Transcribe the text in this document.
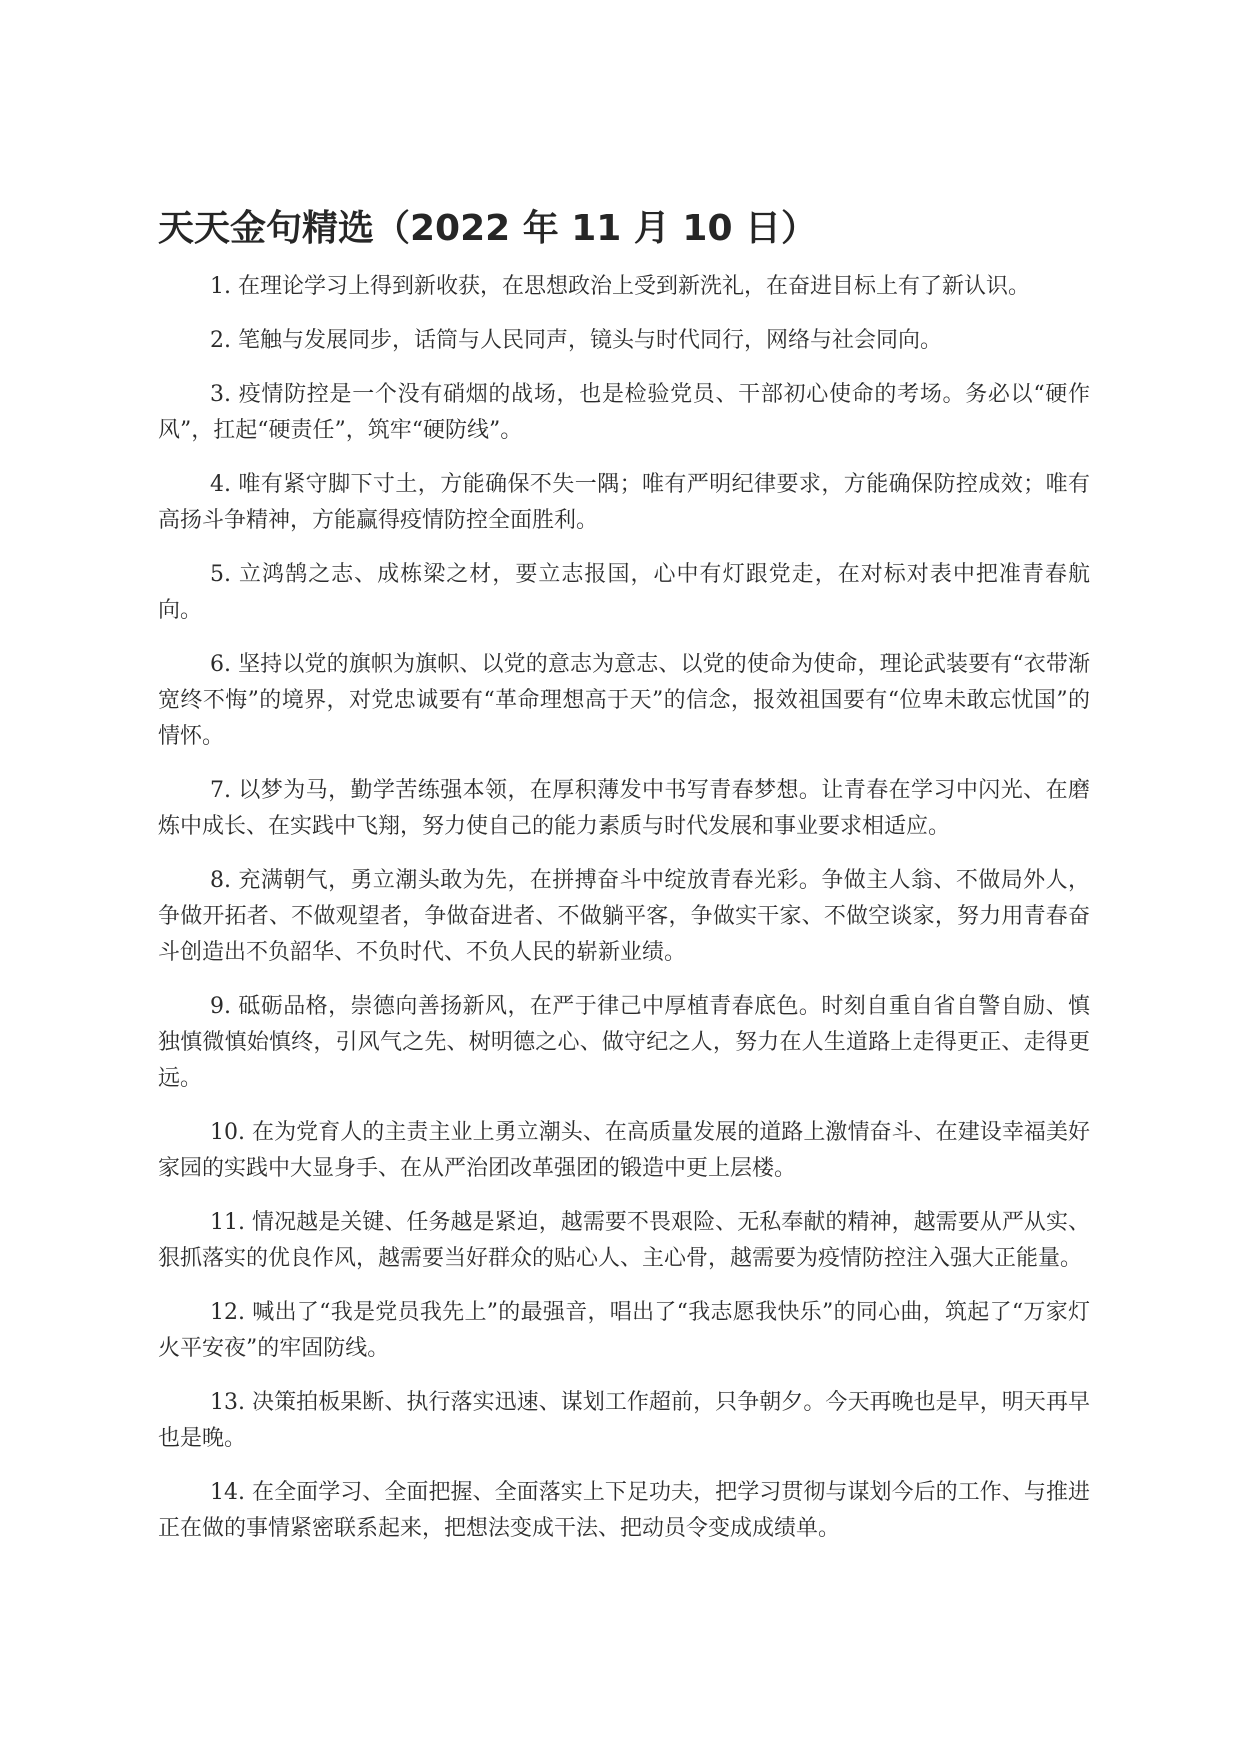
天天金句精选（2022 年 11 月 10 日）

1. 在理论学习上得到新收获，在思想政治上受到新洗礼，在奋进目标上有了新认识。

2. 笔触与发展同步，话筒与人民同声，镜头与时代同行，网络与社会同向。

3. 疫情防控是一个没有硝烟的战场，也是检验党员、干部初心使命的考场。务必以“硬作风”，扛起“硬责任”，筑牢“硬防线”。

4. 唯有紧守脚下寸土，方能确保不失一隅；唯有严明纪律要求，方能确保防控成效；唯有高扬斗争精神，方能赢得疫情防控全面胜利。

5. 立鸿鹄之志、成栋梁之材，要立志报国，心中有灯跟党走，在对标对表中把准青春航向。

6. 坚持以党的旗帜为旗帜、以党的意志为意志、以党的使命为使命，理论武装要有“衣带渐宽终不悔”的境界，对党忠诚要有“革命理想高于天”的信念，报效祖国要有“位卑未敢忘忧国”的情怀。

7. 以梦为马，勤学苦练强本领，在厚积薄发中书写青春梦想。让青春在学习中闪光、在磨炼中成长、在实践中飞翔，努力使自己的能力素质与时代发展和事业要求相适应。

8. 充满朝气，勇立潮头敢为先，在拼搏奋斗中绽放青春光彩。争做主人翁、不做局外人，争做开拓者、不做观望者，争做奋进者、不做躺平客，争做实干家、不做空谈家，努力用青春奋斗创造出不负韶华、不负时代、不负人民的崭新业绩。

9. 砥砺品格，崇德向善扬新风，在严于律己中厚植青春底色。时刻自重自省自警自励、慎独慎微慎始慎终，引风气之先、树明德之心、做守纪之人，努力在人生道路上走得更正、走得更远。

10. 在为党育人的主责主业上勇立潮头、在高质量发展的道路上激情奋斗、在建设幸福美好家园的实践中大显身手、在从严治团改革强团的锻造中更上层楼。

11. 情况越是关键、任务越是紧迫，越需要不畏艰险、无私奉献的精神，越需要从严从实、狠抓落实的优良作风，越需要当好群众的贴心人、主心骨，越需要为疫情防控注入强大正能量。

12. 喊出了“我是党员我先上”的最强音，唱出了“我志愿我快乐”的同心曲，筑起了“万家灯火平安夜”的牢固防线。

13. 决策拍板果断、执行落实迅速、谋划工作超前，只争朝夕。今天再晚也是早，明天再早也是晚。

14. 在全面学习、全面把握、全面落实上下足功夫，把学习贯彻与谋划今后的工作、与推进正在做的事情紧密联系起来，把想法变成干法、把动员令变成成绩单。
